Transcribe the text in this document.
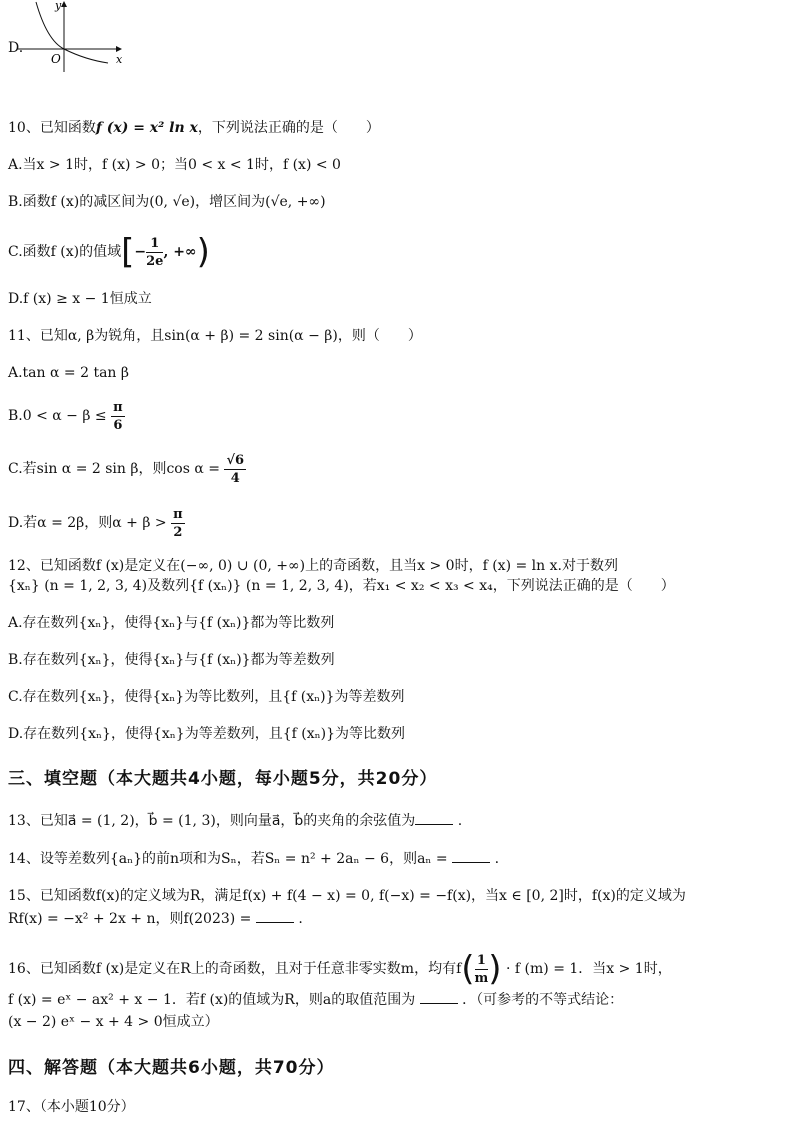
D.
y
x
O
10、已知函数f (x) = x² ln x，下列说法正确的是（　　）
A.当x > 1时，f (x) > 0；当0 < x < 1时，f (x) < 0
B.函数f (x)的减区间为(0, √e)，增区间为(√e, +∞)
C.函数f (x)的值域[− $\frac{1}{2e}$ , +∞)
D.f (x) ≥ x − 1恒成立
11、已知α, β为锐角，且sin(α + β) = 2 sin(α − β)，则（　　）
A.tan α = 2 tan β
$B.0 < \alpha - \beta \le \frac{\pi}{6}$
C.若sin α = 2 sin β，则$\cos \alpha = \frac{√6}{4}$
D.若α = 2β，则$\alpha + \beta > \frac{\pi}{2}$
12、已知函数f (x)是定义在(−∞, 0) ∪ (0, +∞)上的奇函数，且当x > 0时，f (x) = ln x.对于数列
{xₙ} (n = 1, 2, 3, 4)及数列{f (xₙ)} (n = 1, 2, 3, 4)，若x₁ < x₂ < x₃ < x₄，下列说法正确的是（　　）
A.存在数列{xₙ}，使得{xₙ}与{f (xₙ)}都为等比数列
B.存在数列{xₙ}，使得{xₙ}与{f (xₙ)}都为等差数列
C.存在数列{xₙ}，使得{xₙ}为等比数列，且{f (xₙ)}为等差数列
D.存在数列{xₙ}，使得{xₙ}为等差数列，且{f (xₙ)}为等比数列
三、填空题（本大题共4小题，每小题5分，共20分）
13、已知a⃗ = (1, 2)，b⃗ = (1, 3)，则向量a⃗，b⃗的夹角的余弦值为	.
14、设等差数列{aₙ}的前n项和为Sₙ，若Sₙ = n² + 2aₙ − 6，则aₙ =	.
15、已知函数f(x)的定义域为R，满足f(x) + f(4 − x) = 0, f(−x) = −f(x)，当x ∈ [0, 2]时，f(x)的定义域为
Rf(x) = −x² + 2x + n，则f(2023) =	.
16、已知函数f (x)是定义在R上的奇函数，且对于任意非零实数m，均有$f( \frac{1}{m}$ ) · f (m) = 1．当x > 1时，
f (x) = eˣ − ax² + x − 1．若f (x)的值域为R，则a的取值范围为	．（可参考的不等式结论：
(x − 2) eˣ − x + 4 > 0恒成立）
四、解答题（本大题共6小题，共70分）
17、（本小题10分）
